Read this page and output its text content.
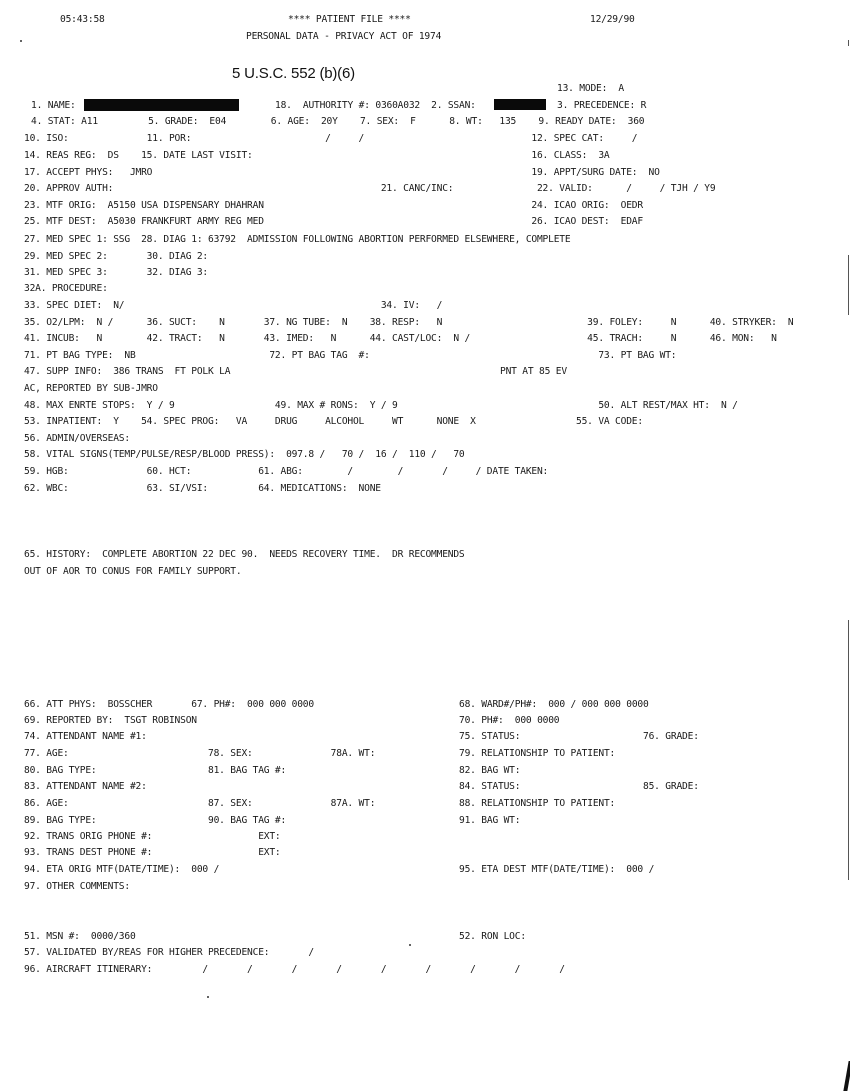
05:43:58	**** PATIENT FILE ****
PERSONAL DATA - PRIVACY ACT OF 1974
12/29/90
5 U.S.C. 552 (b)(6)
13. MODE:  A
1. NAME:	18.  AUTHORITY #: 0360A032  2. SSAN:	3. PRECEDENCE: R
4. STAT: A11         5. GRADE:  E04        6. AGE:  20Y    7. SEX:  F      8. WT:   135    9. READY DATE:  360
10. ISO:              11. POR:                        /     /                              12. SPEC CAT:     /
14. REAS REG:  DS    15. DATE LAST VISIT:                                                  16. CLASS:  3A
17. ACCEPT PHYS:   JMRO                                                                    19. APPT/SURG DATE:  NO
20. APPROV AUTH:                                                21. CANC/INC:               22. VALID:      /     / TJH / Y9
23. MTF ORIG:  A5150 USA DISPENSARY DHAHRAN                                                24. ICAO ORIG:  OEDR
25. MTF DEST:  A5030 FRANKFURT ARMY REG MED                                                26. ICAO DEST:  EDAF
27. MED SPEC 1: SSG  28. DIAG 1: 63792  ADMISSION FOLLOWING ABORTION PERFORMED ELSEWHERE, COMPLETE
29. MED SPEC 2:       30. DIAG 2:
31. MED SPEC 3:       32. DIAG 3:
32A. PROCEDURE:
33. SPEC DIET:  N/                                              34. IV:   /
35. O2/LPM:  N /      36. SUCT:    N       37. NG TUBE:  N    38. RESP:   N                          39. FOLEY:     N      40. STRYKER:  N
41. INCUB:   N        42. TRACT:   N       43. IMED:   N      44. CAST/LOC:  N /                     45. TRACH:     N      46. MON:   N
71. PT BAG TYPE:  NB                        72. PT BAG TAG  #:                                         73. PT BAG WT:
47. SUPP INFO:  386 TRANS  FT POLK LA	PNT AT 85 EV
AC, REPORTED BY SUB-JMRO
48. MAX ENRTE STOPS:  Y / 9                  49. MAX # RONS:  Y / 9                                    50. ALT REST/MAX HT:  N /
53. INPATIENT:  Y    54. SPEC PROG:   VA     DRUG     ALCOHOL     WT      NONE  X                  55. VA CODE:
56. ADMIN/OVERSEAS:
58. VITAL SIGNS(TEMP/PULSE/RESP/BLOOD PRESS):  097.8 /   70 /  16 /  110 /   70
59. HGB:              60. HCT:            61. ABG:        /        /       /     / DATE TAKEN:
62. WBC:              63. SI/VSI:         64. MEDICATIONS:  NONE
65. HISTORY:  COMPLETE ABORTION 22 DEC 90.  NEEDS RECOVERY TIME.  DR RECOMMENDS
OUT OF AOR TO CONUS FOR FAMILY SUPPORT.
66. ATT PHYS:  BOSSCHER       67. PH#:  000 000 0000	68. WARD#/PH#:  000 / 000 000 0000
69. REPORTED BY:  TSGT ROBINSON	70. PH#:  000 0000
74. ATTENDANT NAME #1:	75. STATUS:                      76. GRADE:
77. AGE:                         78. SEX:              78A. WT:	79. RELATIONSHIP TO PATIENT:
80. BAG TYPE:                    81. BAG TAG #:	82. BAG WT:
83. ATTENDANT NAME #2:	84. STATUS:                      85. GRADE:
86. AGE:                         87. SEX:              87A. WT:	88. RELATIONSHIP TO PATIENT:
89. BAG TYPE:                    90. BAG TAG #:	91. BAG WT:
92. TRANS ORIG PHONE #:                   EXT:
93. TRANS DEST PHONE #:                   EXT:
94. ETA ORIG MTF(DATE/TIME):  000 /	95. ETA DEST MTF(DATE/TIME):  000 /
97. OTHER COMMENTS:
51. MSN #:  0000/360	52. RON LOC:
57. VALIDATED BY/REAS FOR HIGHER PRECEDENCE:       /
96. AIRCRAFT ITINERARY:         /       /       /       /       /       /       /       /       /
